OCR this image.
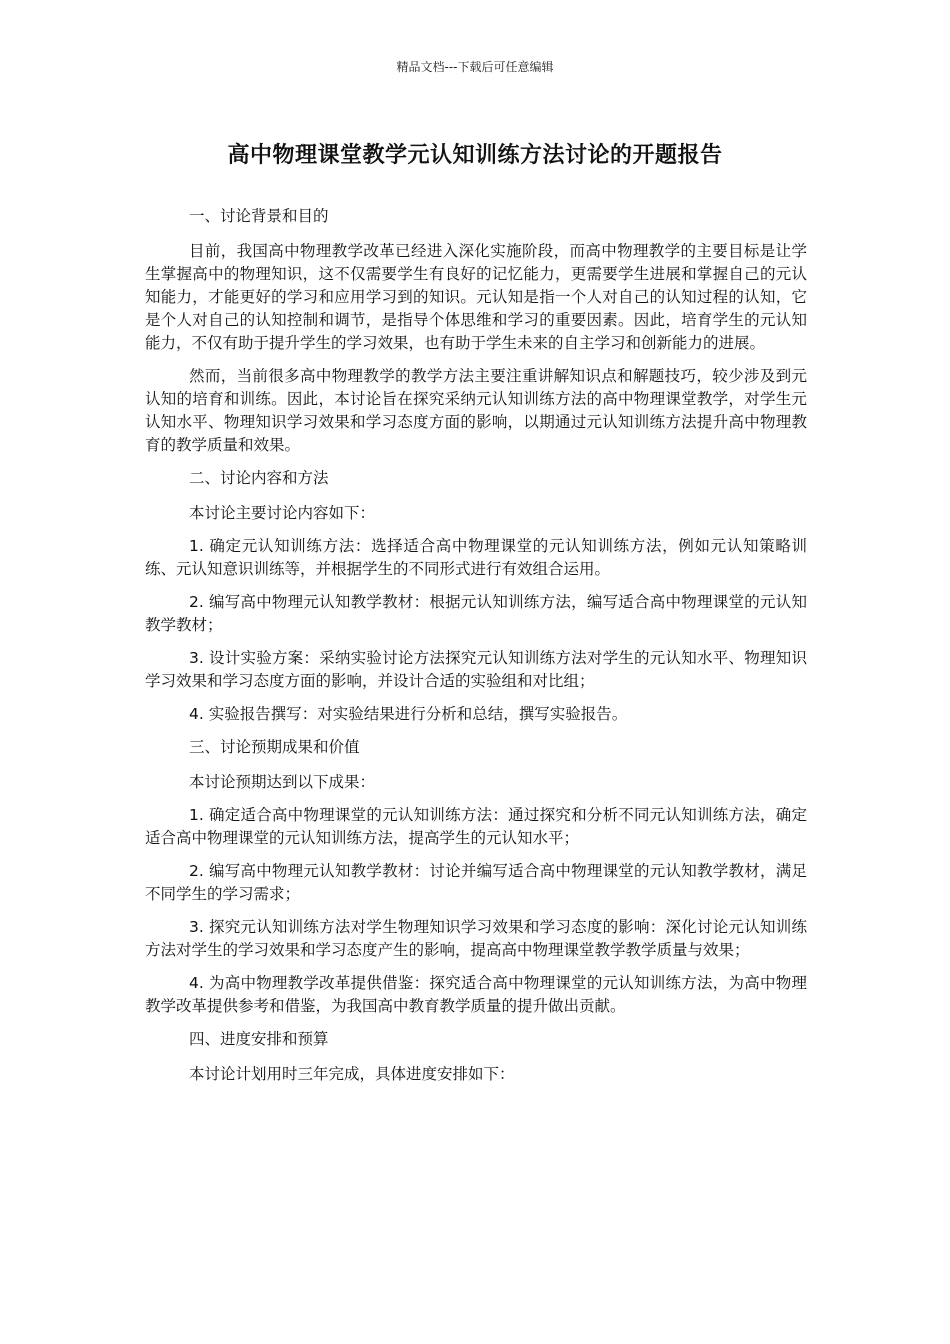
精品文档---下载后可任意编辑
高中物理课堂教学元认知训练方法讨论的开题报告

一、讨论背景和目的

目前，我国高中物理教学改革已经进入深化实施阶段，而高中物理教学的主要目标是让学生掌握高中的物理知识，这不仅需要学生有良好的记忆能力，更需要学生进展和掌握自己的元认知能力，才能更好的学习和应用学习到的知识。元认知是指一个人对自己的认知过程的认知，它是个人对自己的认知控制和调节，是指导个体思维和学习的重要因素。因此，培育学生的元认知能力，不仅有助于提升学生的学习效果，也有助于学生未来的自主学习和创新能力的进展。

然而，当前很多高中物理教学的教学方法主要注重讲解知识点和解题技巧，较少涉及到元认知的培育和训练。因此，本讨论旨在探究采纳元认知训练方法的高中物理课堂教学，对学生元认知水平、物理知识学习效果和学习态度方面的影响，以期通过元认知训练方法提升高中物理教育的教学质量和效果。

二、讨论内容和方法

本讨论主要讨论内容如下：

1. 确定元认知训练方法：选择适合高中物理课堂的元认知训练方法，例如元认知策略训练、元认知意识训练等，并根据学生的不同形式进行有效组合运用。

2. 编写高中物理元认知教学教材：根据元认知训练方法，编写适合高中物理课堂的元认知教学教材；

3. 设计实验方案：采纳实验讨论方法探究元认知训练方法对学生的元认知水平、物理知识学习效果和学习态度方面的影响，并设计合适的实验组和对比组；

4. 实验报告撰写：对实验结果进行分析和总结，撰写实验报告。

三、讨论预期成果和价值

本讨论预期达到以下成果：

1. 确定适合高中物理课堂的元认知训练方法：通过探究和分析不同元认知训练方法，确定适合高中物理课堂的元认知训练方法，提高学生的元认知水平；

2. 编写高中物理元认知教学教材：讨论并编写适合高中物理课堂的元认知教学教材，满足不同学生的学习需求；

3. 探究元认知训练方法对学生物理知识学习效果和学习态度的影响：深化讨论元认知训练方法对学生的学习效果和学习态度产生的影响，提高高中物理课堂教学教学质量与效果；

4. 为高中物理教学改革提供借鉴：探究适合高中物理课堂的元认知训练方法，为高中物理教学改革提供参考和借鉴，为我国高中教育教学质量的提升做出贡献。

四、进度安排和预算

本讨论计划用时三年完成，具体进度安排如下：
